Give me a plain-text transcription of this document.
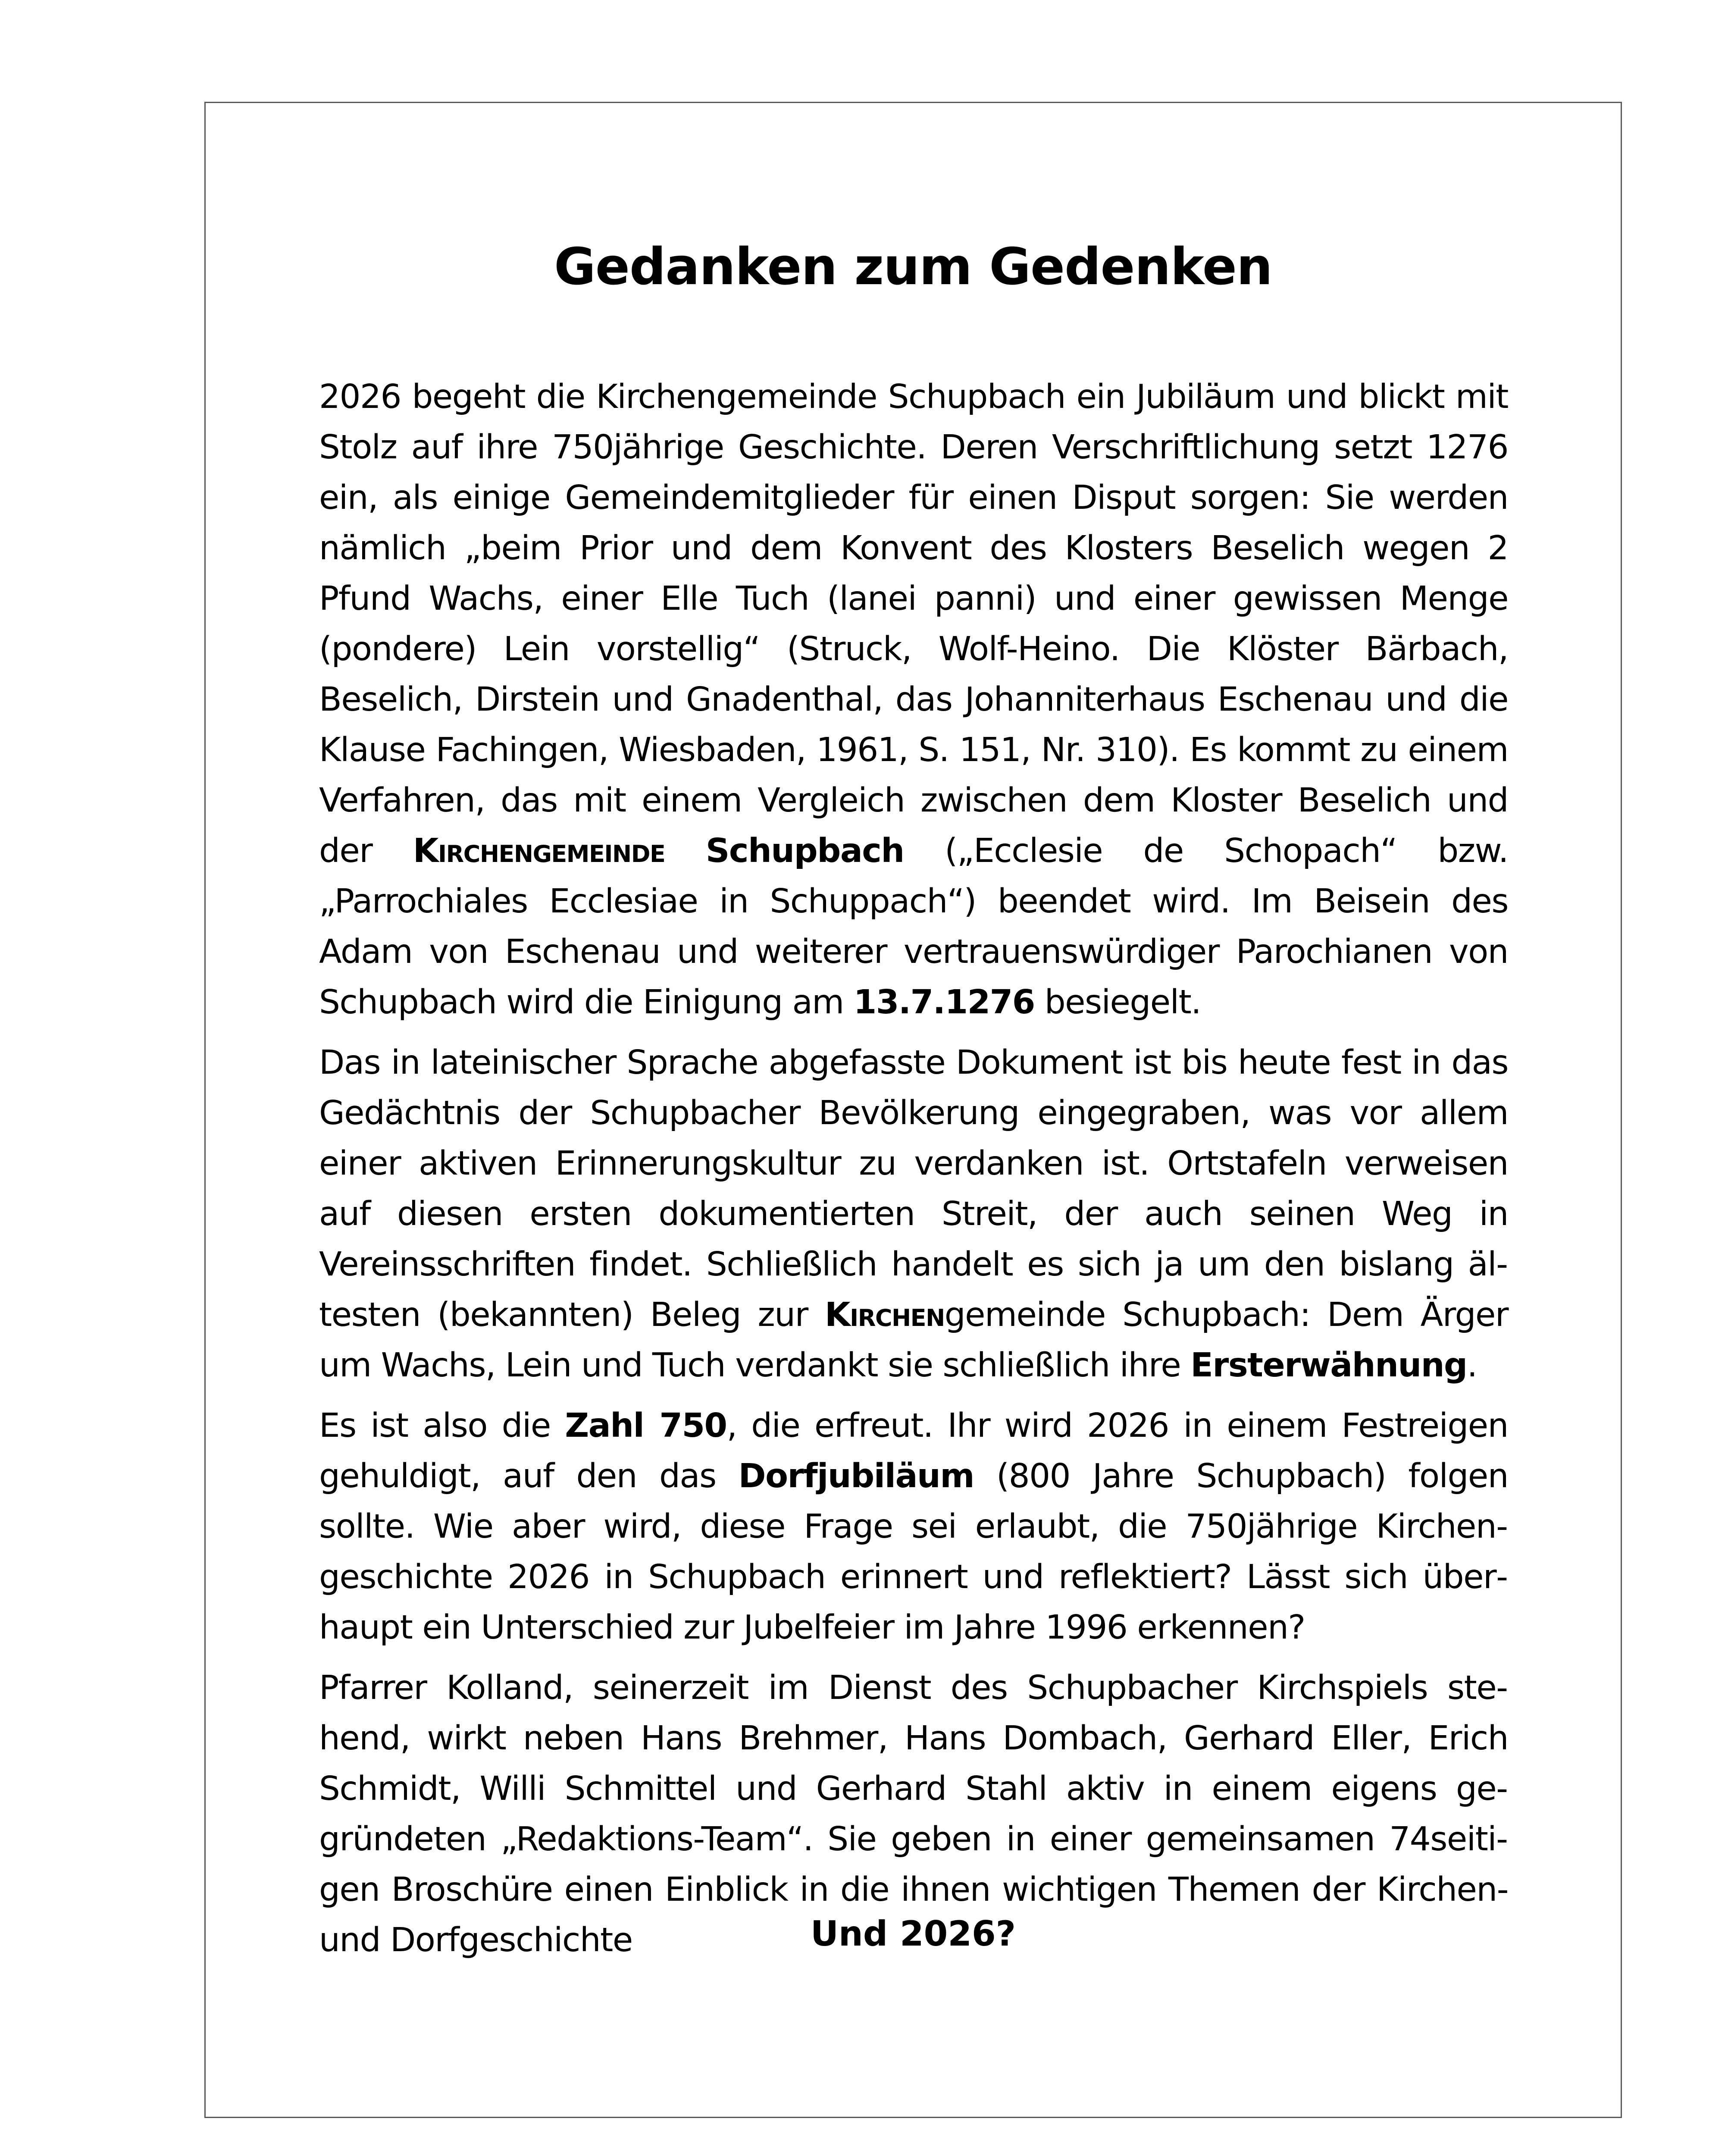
Gedanken zum Gedenken

2026 begeht die Kirchengemeinde Schupbach ein Jubiläum und blickt mit Stolz auf ihre 750jährige Geschichte. Deren Verschriftlichung setzt 1276 ein, als einige Gemeindemitglieder für einen Disput sorgen: Sie werden nämlich „beim Prior und dem Konvent des Klosters Beselich wegen 2 Pfund Wachs, einer Elle Tuch (lanei panni) und einer gewissen Menge (pondere) Lein vorstellig“ (Struck, Wolf-Heino. Die Klöster Bärbach, Beselich, Dirstein und Gnadenthal, das Johanniterhaus Eschenau und die Klause Fachingen, Wiesbaden, 1961, S. 151, Nr. 310). Es kommt zu einem Verfahren, das mit einem Vergleich zwischen dem Kloster Beselich und der Kirchengemeinde Schupbach („Ecclesie de Schopach“ bzw. „Parrochiales Ecclesiae in Schuppach“) beendet wird. Im Beisein des Adam von Eschenau und weiterer vertrauenswürdiger Parochianen von Schupbach wird die Einigung am 13.7.1276 besiegelt.

Das in lateinischer Sprache abgefasste Dokument ist bis heute fest in das Gedächtnis der Schupbacher Bevölkerung eingegraben, was vor allem einer aktiven Erinnerungskultur zu verdanken ist. Ortstafeln verweisen auf diesen ersten dokumentierten Streit, der auch seinen Weg in Vereinsschriften findet. Schließlich handelt es sich ja um den bislang ältesten (bekannten) Beleg zur Kirchengemeinde Schupbach: Dem Ärger um Wachs, Lein und Tuch verdankt sie schließlich ihre Ersterwähnung.

Es ist also die Zahl 750, die erfreut. Ihr wird 2026 in einem Festreigen gehuldigt, auf den das Dorfjubiläum (800 Jahre Schupbach) folgen sollte. Wie aber wird, diese Frage sei erlaubt, die 750jährige Kirchengeschichte 2026 in Schupbach erinnert und reflektiert? Lässt sich überhaupt ein Unterschied zur Jubelfeier im Jahre 1996 erkennen?

Pfarrer Kolland, seinerzeit im Dienst des Schupbacher Kirchspiels stehend, wirkt neben Hans Brehmer, Hans Dombach, Gerhard Eller, Erich Schmidt, Willi Schmittel und Gerhard Stahl aktiv in einem eigens gegründeten „Redaktions-Team“. Sie geben in einer gemeinsamen 74seitigen Broschüre einen Einblick in die ihnen wichtigen Themen der Kirchen- und Dorfgeschichte	Und 2026?
